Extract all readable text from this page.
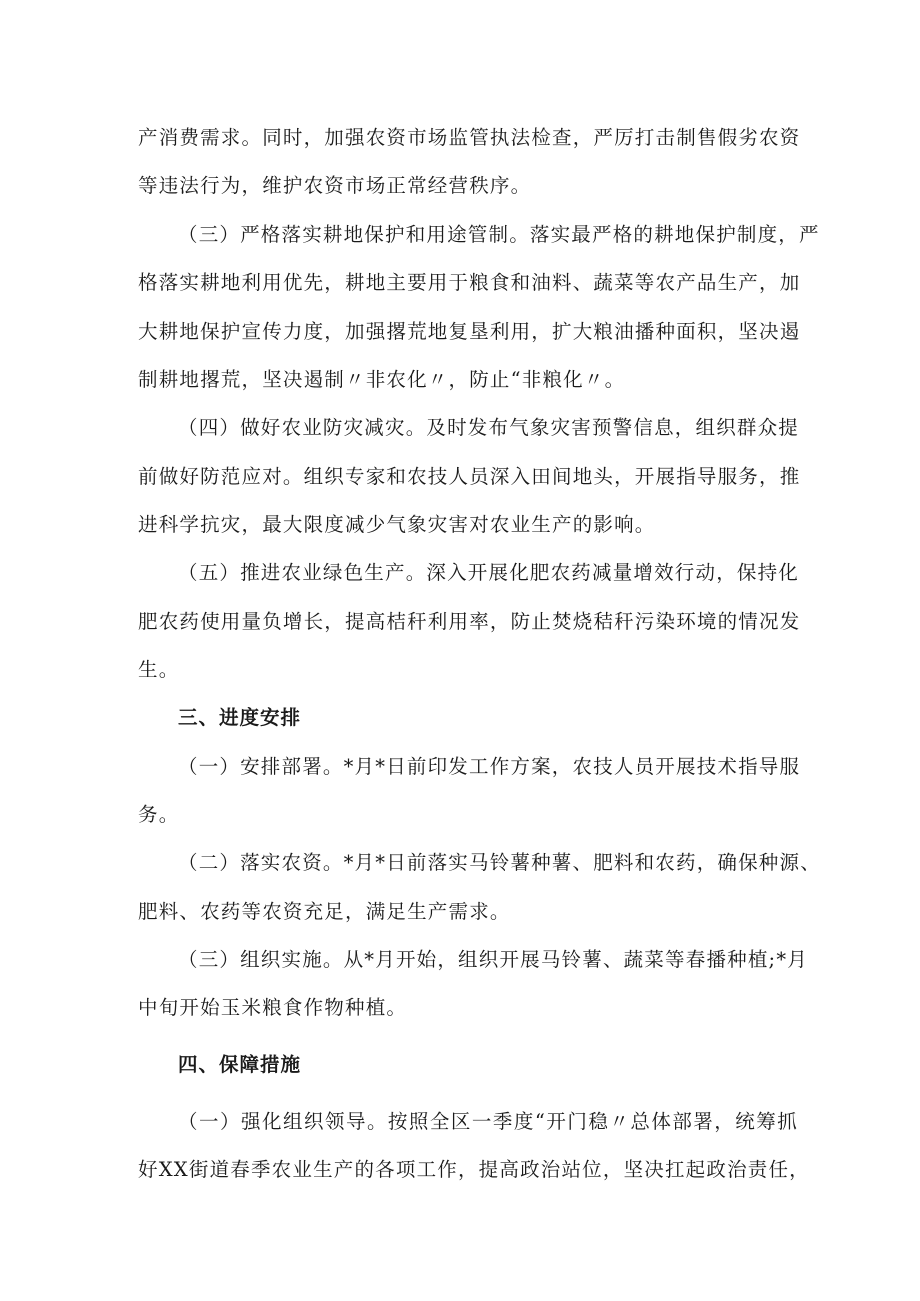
产消费需求。同时，加强农资市场监管执法检查，严厉打击制售假劣农资
等违法行为，维护农资市场正常经营秩序。
（三）严格落实耕地保护和用途管制。落实最严格的耕地保护制度，严
格落实耕地利用优先，耕地主要用于粮食和油料、蔬菜等农产品生产，加
大耕地保护宣传力度，加强撂荒地复垦利用，扩大粮油播种面积，坚决遏
制耕地撂荒，坚决遏制〃非农化〃，防止“非粮化〃。
（四）做好农业防灾减灾。及时发布气象灾害预警信息，组织群众提
前做好防范应对。组织专家和农技人员深入田间地头，开展指导服务，推
进科学抗灾，最大限度减少气象灾害对农业生产的影响。
（五）推进农业绿色生产。深入开展化肥农药减量增效行动，保持化
肥农药使用量负增长，提高桔秆利用率，防止焚烧秸秆污染环境的情况发
生。
三、进度安排
（一）安排部署。*月*日前印发工作方案，农技人员开展技术指导服
务。
（二）落实农资。*月*日前落实马铃薯种薯、肥料和农药，确保种源、
肥料、农药等农资充足，满足生产需求。
（三）组织实施。从*月开始，组织开展马铃薯、蔬菜等春播种植;*月
中旬开始玉米粮食作物种植。
四、保障措施
（一）强化组织领导。按照全区一季度“开门稳〃总体部署，统筹抓
好XX街道春季农业生产的各项工作，提高政治站位，坚决扛起政治责任，
